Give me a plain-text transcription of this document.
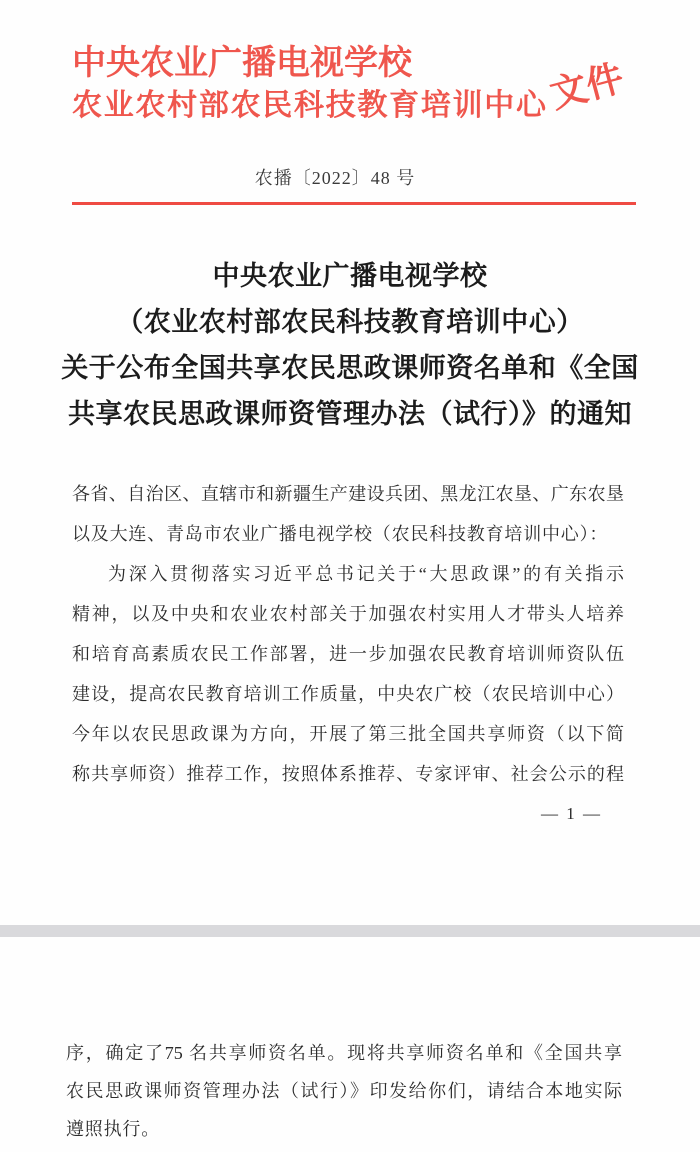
中央农业广播电视学校
农业农村部农民科技教育培训中心 文件
农播〔2022〕48 号
中央农业广播电视学校
（农业农村部农民科技教育培训中心）
关于公布全国共享农民思政课师资名单和《全国
共享农民思政课师资管理办法（试行）》的通知
各省、自治区、直辖市和新疆生产建设兵团、黑龙江农垦、广东农垦
以及大连、青岛市农业广播电视学校（农民科技教育培训中心）：
为深入贯彻落实习近平总书记关于“大思政课”的有关指示
精神，以及中央和农业农村部关于加强农村实用人才带头人培养
和培育高素质农民工作部署，进一步加强农民教育培训师资队伍
建设，提高农民教育培训工作质量，中央农广校（农民培训中心）
今年以农民思政课为方向，开展了第三批全国共享师资（以下简
称共享师资）推荐工作，按照体系推荐、专家评审、社会公示的程
— 1 —
序，确定了75 名共享师资名单。现将共享师资名单和《全国共享
农民思政课师资管理办法（试行）》印发给你们，请结合本地实际
遵照执行。
